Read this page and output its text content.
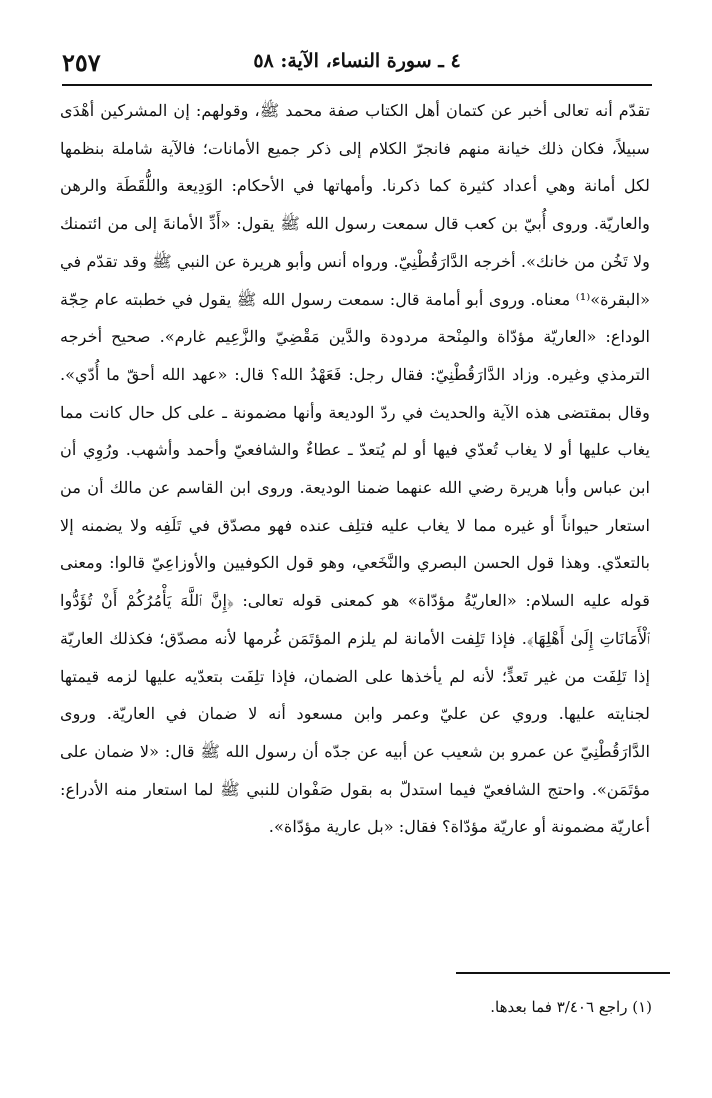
٢٥٧	٤ ـ سورة النساء، الآية: ٥٨

تقدّم أنه تعالى أخبر عن كتمان أهل الكتاب صفة محمد ﷺ، وقولهم: إن المشركين أهْدَى سبيلاً، فكان ذلك خيانة منهم فانجرّ الكلام إلى ذكر جميع الأمانات؛ فالآية شاملة بنظمها لكل أمانة وهي أعداد كثيرة كما ذكرنا. وأمهاتها في الأحكام: الوَدِيعة واللُّقَطَة والرهن والعاريّة. وروى أُبيّ بن كعب قال سمعت رسول الله ﷺ يقول: «أَدِّ الأمانةَ إلى من ائتمنك ولا تَخُن من خانك». أخرجه الدَّارَقُطْنِيّ. ورواه أنس وأبو هريرة عن النبي ﷺ وقد تقدّم في «البقرة»⁽¹⁾ معناه. وروى أبو أمامة قال: سمعت رسول الله ﷺ يقول في خطبته عام حِجّة الوداع: «العاريّة مؤدّاة والمِنْحة مردودة والدَّين مَقْضِيّ والزَّعِيم غارم». صحيح أخرجه الترمذي وغيره. وزاد الدَّارَقُطْنِيّ: فقال رجل: فَعَهْدُ الله؟ قال: «عهد الله أحقّ ما أُدّي». وقال بمقتضى هذه الآية والحديث في ردّ الوديعة وأنها مضمونة ـ على كل حال كانت مما يغاب عليها أو لا يغاب تُعدّي فيها أو لم يُتعدّ ـ عطاءٌ والشافعيّ وأحمد وأشهب. ورُوِي أن ابن عباس وأبا هريرة رضي الله عنهما ضمنا الوديعة. وروى ابن القاسم عن مالك أن من استعار حيواناً أو غيره مما لا يغاب عليه فتلِف عنده فهو مصدّق في تَلَفِه ولا يضمنه إلا بالتعدّي. وهذا قول الحسن البصري والنَّخَعي، وهو قول الكوفيين والأوزاعِيّ قالوا: ومعنى قوله عليه السلام: «العاريّةُ مؤدّاة» هو كمعنى قوله تعالى: ﴿إِنَّ ٱللَّهَ يَأْمُرُكُمْ أَنْ تُؤَدُّوا ٱلْأَمَانَاتِ إِلَىٰ أَهْلِهَا﴾. فإذا تَلِفت الأمانة لم يلزم المؤتَمَن غُرمها لأنه مصدّق؛ فكذلك العاريّة إذا تَلِفَت من غير تَعدٍّ؛ لأنه لم يأخذها على الضمان، فإذا تلِفَت بتعدّيه عليها لزمه قيمتها لجنايته عليها. وروي عن عليّ وعمر وابن مسعود أنه لا ضمان في العاريّة. وروى الدَّارَقُطْنِيّ عن عمرو بن شعيب عن أبيه عن جدّه أن رسول الله ﷺ قال: «لا ضمان على مؤتَمَن». واحتج الشافعيّ فيما استدلّ به بقول صَفْوان للنبي ﷺ لما استعار منه الأدراع: أعاريّة مضمونة أو عاريّة مؤدّاة؟ فقال: «بل عارية مؤدّاة».

(١) راجع ٣/٤٠٦ فما بعدها.
